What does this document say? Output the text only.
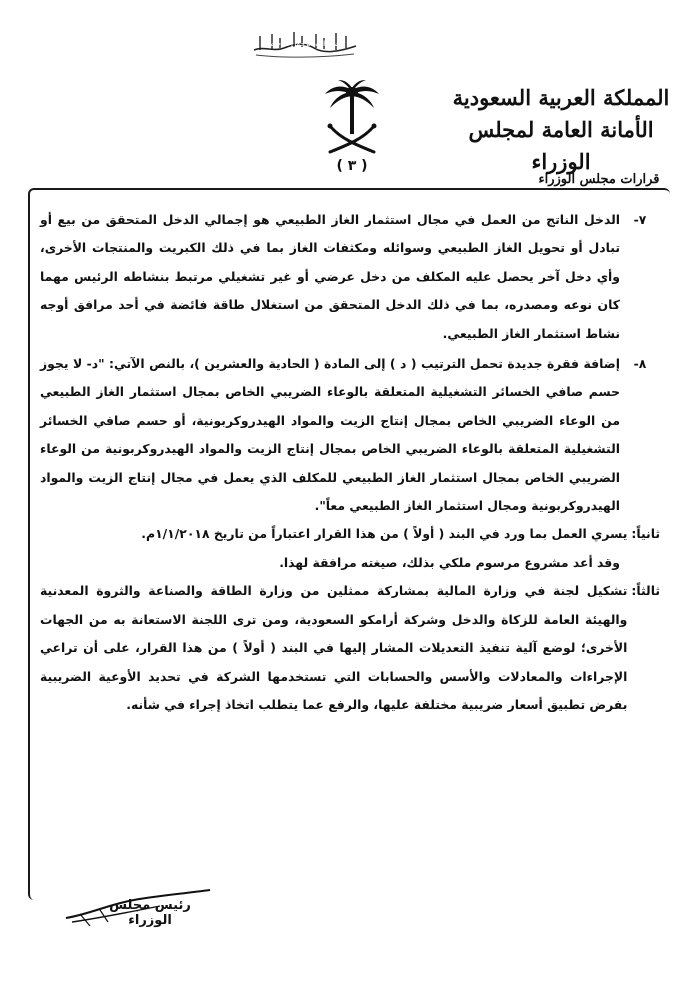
بسم الله الرحمن الرحيم
( ٣ )
المملكة العربية السعودية
الأمانة العامة لمجلس الوزراء
قرارات مجلس الوزراء
٧-
الدخل الناتج من العمل في مجال استثمار الغاز الطبيعي هو إجمالي الدخل المتحقق من بيع أو تبادل أو تحويل الغاز الطبيعي وسوائله ومكثفات الغاز بما في ذلك الكبريت والمنتجات الأخرى، وأي دخل آخر يحصل عليه المكلف من دخل عرضي أو غير تشغيلي مرتبط بنشاطه الرئيس مهما كان نوعه ومصدره، بما في ذلك الدخل المتحقق من استغلال طاقة فائضة في أحد مرافق أوجه نشاط استثمار الغاز الطبيعي.
٨-
إضافة فقرة جديدة تحمل الترتيب ( د ) إلى المادة ( الحادية والعشرين )، بالنص الآتي: "د- لا يجوز حسم صافي الخسائر التشغيلية المتعلقة بالوعاء الضريبي الخاص بمجال استثمار الغاز الطبيعي من الوعاء الضريبي الخاص بمجال إنتاج الزيت والمواد الهيدروكربونية، أو حسم صافي الخسائر التشغيلية المتعلقة بالوعاء الضريبي الخاص بمجال إنتاج الزيت والمواد الهيدروكربونية من الوعاء الضريبي الخاص بمجال استثمار الغاز الطبيعي للمكلف الذي يعمل في مجال إنتاج الزيت والمواد الهيدروكربونية ومجال استثمار الغاز الطبيعي معاً".
ثانياً:
يسري العمل بما ورد في البند ( أولاً ) من هذا القرار اعتباراً من تاريخ ١/١/٢٠١٨م.

وقد أعد مشروع مرسوم ملكي بذلك، صيغته مرافقة لهذا.

ثالثاً:
تشكيل لجنة في وزارة المالية بمشاركة ممثلين من وزارة الطاقة والصناعة والثروة المعدنية والهيئة العامة للزكاة والدخل وشركة أرامكو السعودية، ومن ترى اللجنة الاستعانة به من الجهات الأخرى؛ لوضع آلية تنفيذ التعديلات المشار إليها في البند ( أولاً ) من هذا القرار، على أن تراعي الإجراءات والمعادلات والأسس والحسابات التي تستخدمها الشركة في تحديد الأوعية الضريبية بفرض تطبيق أسعار ضريبية مختلفة عليها، والرفع عما يتطلب اتخاذ إجراء في شأنه.
رئيس مجلس الوزراء
